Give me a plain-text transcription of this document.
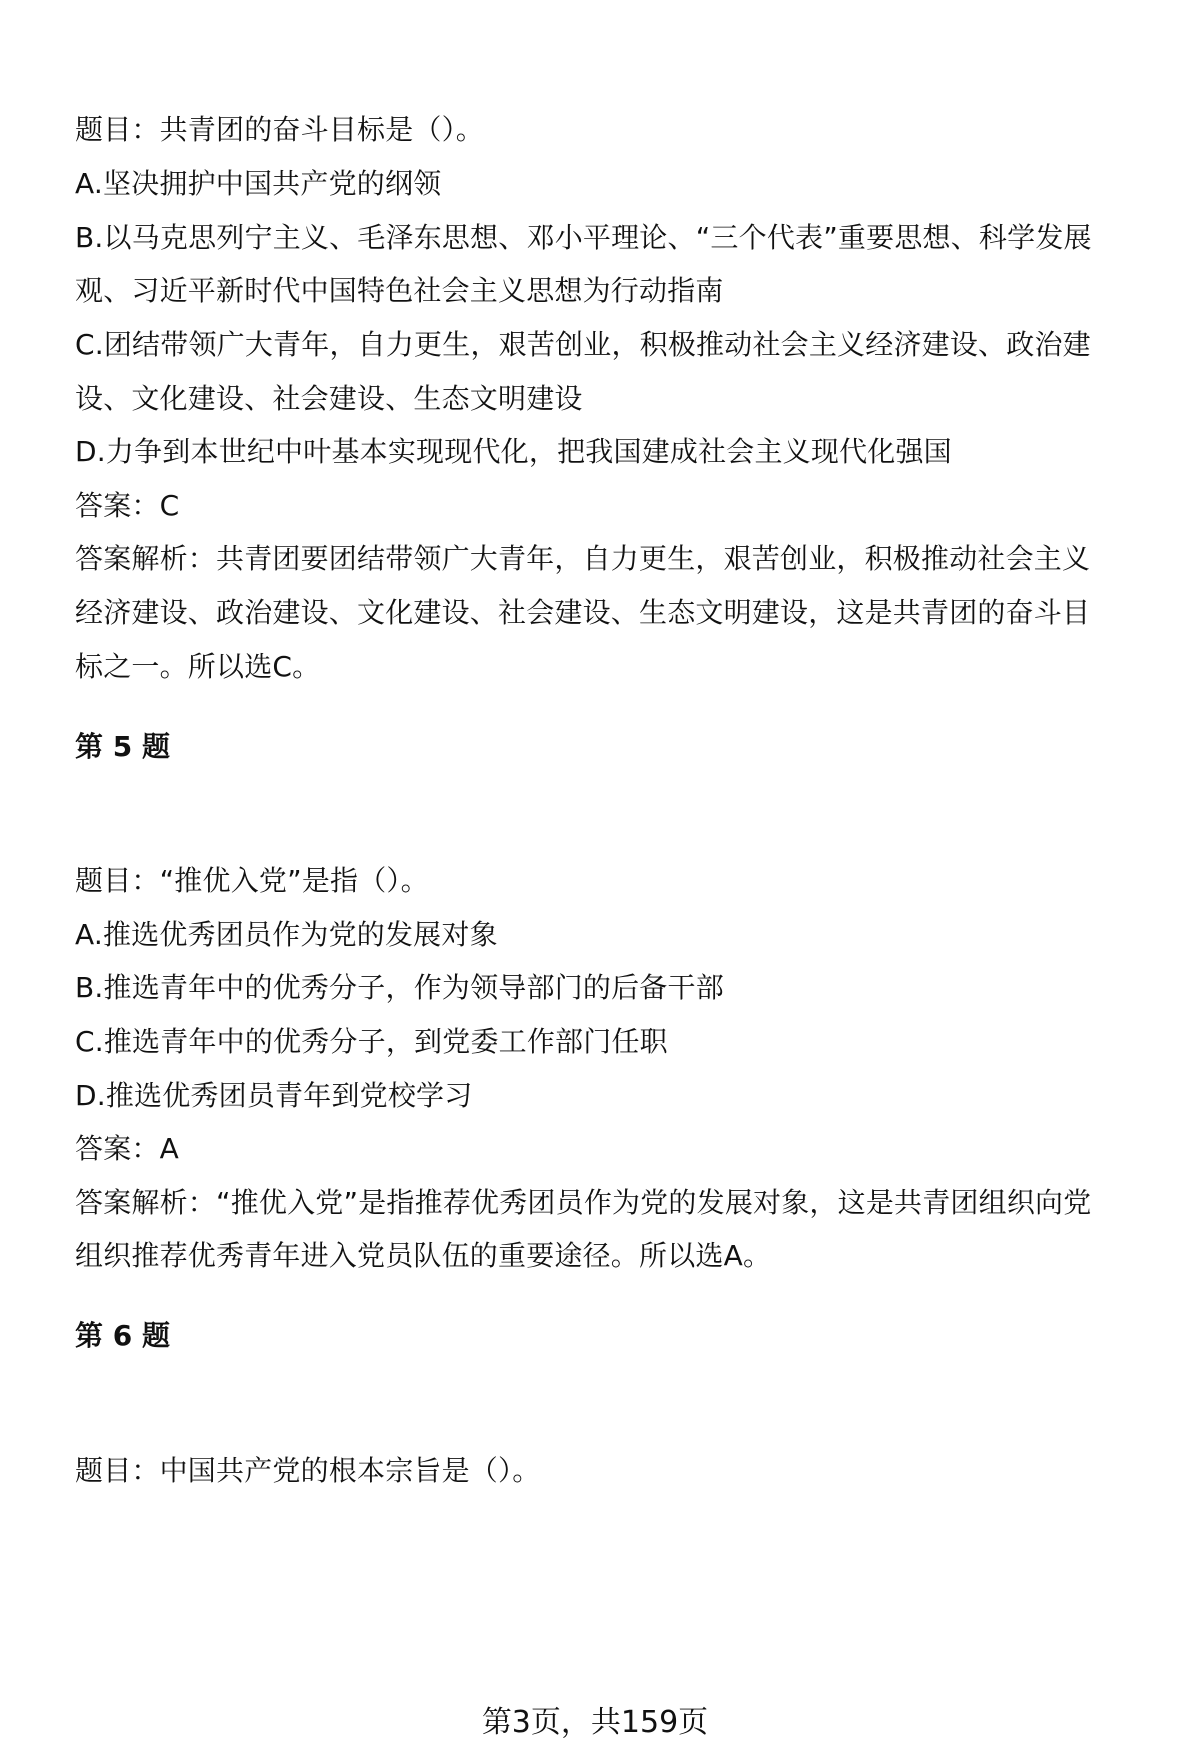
题目：共青团的奋斗目标是（）。
A.坚决拥护中国共产党的纲领
B.以马克思列宁主义、毛泽东思想、邓小平理论、“三个代表”重要思想、科学发展
观、习近平新时代中国特色社会主义思想为行动指南
C.团结带领广大青年，自力更生，艰苦创业，积极推动社会主义经济建设、政治建
设、文化建设、社会建设、生态文明建设
D.力争到本世纪中叶基本实现现代化，把我国建成社会主义现代化强国
答案：C
答案解析：共青团要团结带领广大青年，自力更生，艰苦创业，积极推动社会主义
经济建设、政治建设、文化建设、社会建设、生态文明建设，这是共青团的奋斗目
标之一。所以选C。
第 5 题
题目：“推优入党”是指（）。
A.推选优秀团员作为党的发展对象
B.推选青年中的优秀分子，作为领导部门的后备干部
C.推选青年中的优秀分子，到党委工作部门任职
D.推选优秀团员青年到党校学习
答案：A
答案解析：“推优入党”是指推荐优秀团员作为党的发展对象，这是共青团组织向党
组织推荐优秀青年进入党员队伍的重要途径。所以选A。
第 6 题
题目：中国共产党的根本宗旨是（）。
第3页，共159页
